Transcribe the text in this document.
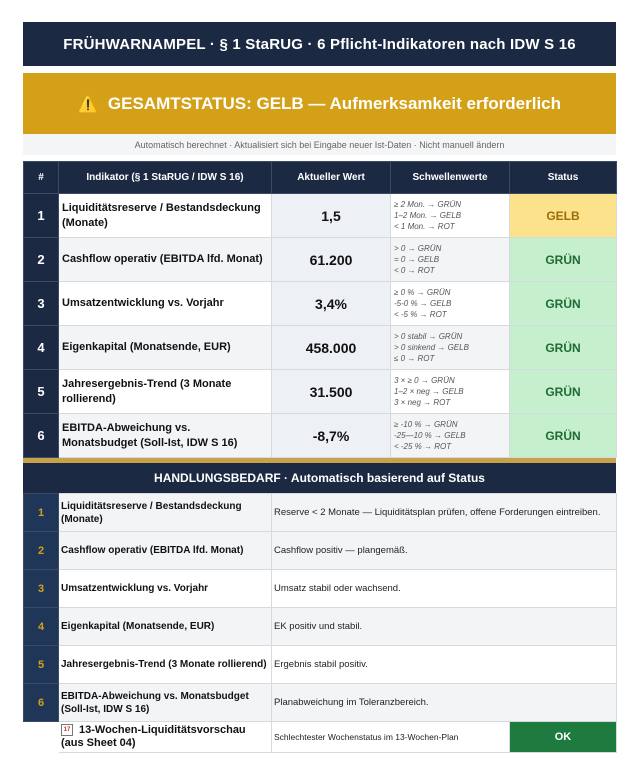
FRÜHWARNAMPEL · § 1 StaRUG · 6 Pflicht-Indikatoren nach IDW S 16
⚠️ GESAMTSTATUS: GELB — Aufmerksamkeit erforderlich
Automatisch berechnet · Aktualisiert sich bei Eingabe neuer Ist-Daten · Nicht manuell ändern
#	Indikator (§ 1 StaRUG / IDW S 16)	Aktueller Wert	Schwellenwerte	Status
1	Liquiditätsreserve / Bestandsdeckung (Monate)	1,5	≥ 2 Mon. → GRÜN
1–2 Mon. → GELB
< 1 Mon. → ROT	GELB
2	Cashflow operativ (EBITDA lfd. Monat)	61.200	> 0 → GRÜN
= 0 → GELB
< 0 → ROT	GRÜN
3	Umsatzentwicklung vs. Vorjahr	3,4%	≥ 0 % → GRÜN
-5-0 % → GELB
< -5 % → ROT	GRÜN
4	Eigenkapital (Monatsende, EUR)	458.000	> 0 stabil → GRÜN
> 0 sinkend → GELB
≤ 0 → ROT	GRÜN
5	Jahresergebnis-Trend (3 Monate rollierend)	31.500	3 × ≥ 0 → GRÜN
1–2 × neg → GELB
3 × neg → ROT	GRÜN
6	EBITDA-Abweichung vs. Monatsbudget (Soll-Ist, IDW S 16)	-8,7%	≥ -10 % → GRÜN
-25—10 % → GELB
< -25 % → ROT	GRÜN
HANDLUNGSBEDARF · Automatisch basierend auf Status
1	Liquiditätsreserve / Bestandsdeckung (Monate)	Reserve < 2 Monate — Liquiditätsplan prüfen, offene Forderungen eintreiben.	
2	Cashflow operativ (EBITDA lfd. Monat)	Cashflow positiv — plangemäß.	
3	Umsatzentwicklung vs. Vorjahr	Umsatz stabil oder wachsend.	
4	Eigenkapital (Monatsende, EUR)	EK positiv und stabil.	
5	Jahresergebnis-Trend (3 Monate rollierend)	Ergebnis stabil positiv.	
6	EBITDA-Abweichung vs. Monatsbudget (Soll-Ist, IDW S 16)	Planabweichung im Toleranzbereich.	
	17 13-Wochen-Liquiditätsvorschau (aus Sheet 04)	Schlechtester Wochenstatus im 13-Wochen-Plan	OK
